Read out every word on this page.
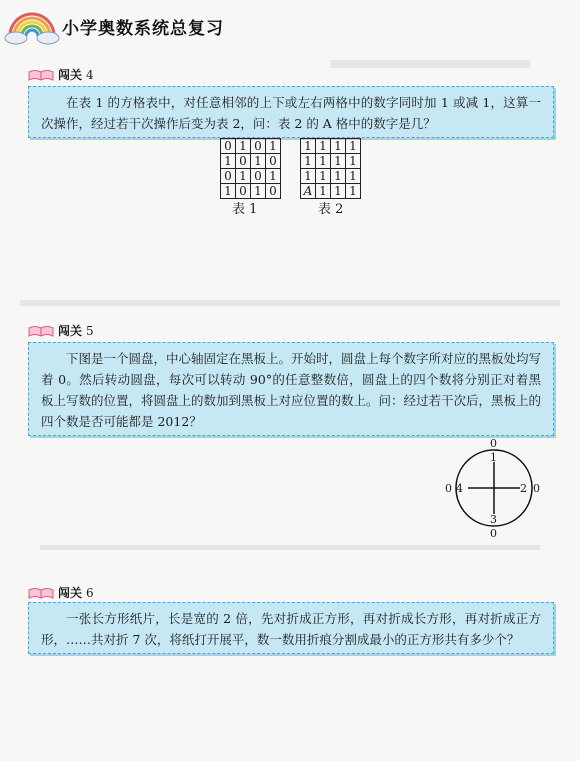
小学奥数系统总复习
闯关 4
在表 1 的方格表中，对任意相邻的上下或左右两格中的数字同时加 1 或减 1，这算一次操作，经过若干次操作后变为表 2，问：表 2 的 A 格中的数字是几？
0	1	0	1
1	0	1	0
0	1	0	1
1	0	1	0
表 1
1	1	1	1
1	1	1	1
1	1	1	1
A	1	1	1
表 2
闯关 5
下图是一个圆盘，中心轴固定在黑板上。开始时，圆盘上每个数字所对应的黑板处均写着 0。然后转动圆盘，每次可以转动 90°的任意整数倍，圆盘上的四个数将分别正对着黑板上写数的位置，将圆盘上的数加到黑板上对应位置的数上。问：经过若干次后，黑板上的四个数是否可能都是 2012？
0
1
2 0
3
0
4
0
闯关 6
一张长方形纸片，长是宽的 2 倍，先对折成正方形，再对折成长方形，再对折成正方形，……共对折 7 次，将纸打开展平，数一数用折痕分割成最小的正方形共有多少个？
